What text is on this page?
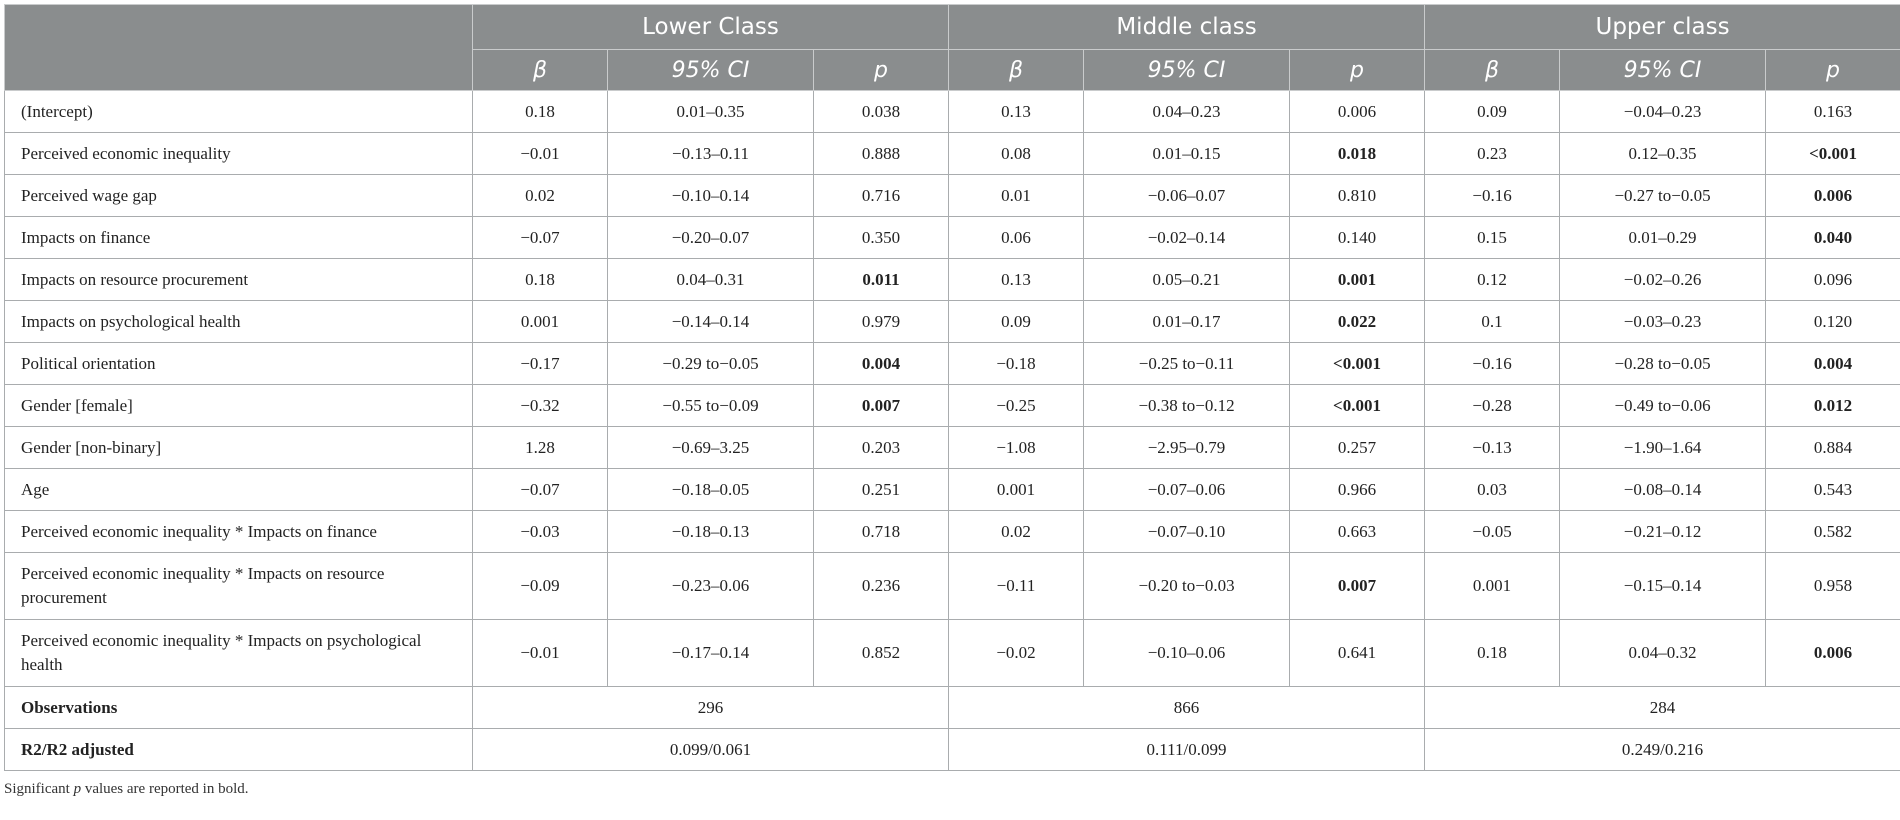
	Lower Class			Middle class			Upper class		
	β	95% CI	p	β	95% CI	p	β	95% CI	p
(Intercept)	0.18	0.01–0.35	0.038	0.13	0.04–0.23	0.006	0.09	−0.04–0.23	0.163
Perceived economic inequality	−0.01	−0.13–0.11	0.888	0.08	0.01–0.15	0.018	0.23	0.12–0.35	<0.001
Perceived wage gap	0.02	−0.10–0.14	0.716	0.01	−0.06–0.07	0.810	−0.16	−0.27 to−0.05	0.006
Impacts on finance	−0.07	−0.20–0.07	0.350	0.06	−0.02–0.14	0.140	0.15	0.01–0.29	0.040
Impacts on resource procurement	0.18	0.04–0.31	0.011	0.13	0.05–0.21	0.001	0.12	−0.02–0.26	0.096
Impacts on psychological health	0.001	−0.14–0.14	0.979	0.09	0.01–0.17	0.022	0.1	−0.03–0.23	0.120
Political orientation	−0.17	−0.29 to−0.05	0.004	−0.18	−0.25 to−0.11	<0.001	−0.16	−0.28 to−0.05	0.004
Gender [female]	−0.32	−0.55 to−0.09	0.007	−0.25	−0.38 to−0.12	<0.001	−0.28	−0.49 to−0.06	0.012
Gender [non-binary]	1.28	−0.69–3.25	0.203	−1.08	−2.95–0.79	0.257	−0.13	−1.90–1.64	0.884
Age	−0.07	−0.18–0.05	0.251	0.001	−0.07–0.06	0.966	0.03	−0.08–0.14	0.543
Perceived economic inequality * Impacts on finance	−0.03	−0.18–0.13	0.718	0.02	−0.07–0.10	0.663	−0.05	−0.21–0.12	0.582
Perceived economic inequality * Impacts on resource procurement	−0.09	−0.23–0.06	0.236	−0.11	−0.20 to−0.03	0.007	0.001	−0.15–0.14	0.958
Perceived economic inequality * Impacts on psychological health	−0.01	−0.17–0.14	0.852	−0.02	−0.10–0.06	0.641	0.18	0.04–0.32	0.006
Observations	296			866			284		
R2/R2 adjusted	0.099/0.061			0.111/0.099			0.249/0.216		
Significant p values are reported in bold.
